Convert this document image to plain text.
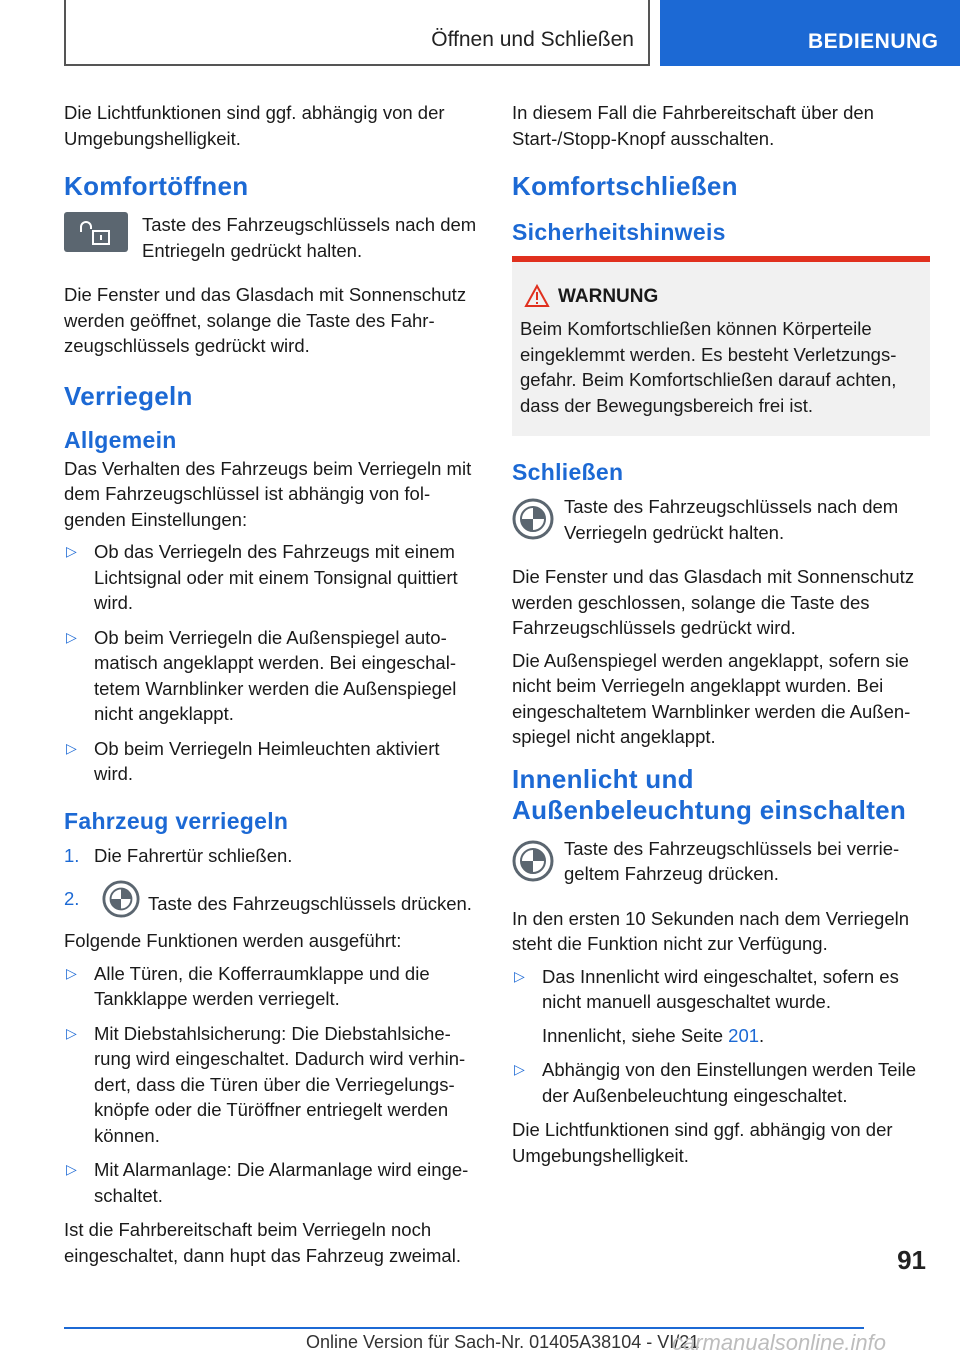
Öffnen und Schließen	BEDIENUNG

Die Lichtfunktionen sind ggf. abhängig von der Umgebungshelligkeit.

Komfortöffnen

Taste des Fahrzeugschlüssels nach dem Entriegeln gedrückt halten.

Die Fenster und das Glasdach mit Sonnenschutz werden geöffnet, solange die Taste des Fahrzeugschlüssels gedrückt wird.

Verriegeln
Allgemein

Das Verhalten des Fahrzeugs beim Verriegeln mit dem Fahrzeugschlüssel ist abhängig von folgenden Einstellungen:

▷ Ob das Verriegeln des Fahrzeugs mit einem Lichtsignal oder mit einem Tonsignal quittiert wird.
▷ Ob beim Verriegeln die Außenspiegel automatisch angeklappt werden. Bei eingeschaltetem Warnblinker werden die Außenspiegel nicht angeklappt.
▷ Ob beim Verriegeln Heimleuchten aktiviert wird.
Fahrzeug verriegeln
1. Die Fahrertür schließen.
2.	Taste des Fahrzeugschlüssels drücken.

Folgende Funktionen werden ausgeführt:

▷ Alle Türen, die Kofferraumklappe und die Tankklappe werden verriegelt.
▷ Mit Diebstahlsicherung: Die Diebstahlsicherung wird eingeschaltet. Dadurch wird verhindert, dass die Türen über die Verriegelungsknöpfe oder die Türöffner entriegelt werden können.
▷ Mit Alarmanlage: Die Alarmanlage wird eingeschaltet.

Ist die Fahrbereitschaft beim Verriegeln noch eingeschaltet, dann hupt das Fahrzeug zweimal.

In diesem Fall die Fahrbereitschaft über den Start-/Stopp-Knopf ausschalten.

Komfortschließen
Sicherheitshinweis
WARNUNG

Beim Komfortschließen können Körperteile eingeklemmt werden. Es besteht Verletzungsgefahr. Beim Komfortschließen darauf achten, dass der Bewegungsbereich frei ist.

Schließen

Taste des Fahrzeugschlüssels nach dem Verriegeln gedrückt halten.

Die Fenster und das Glasdach mit Sonnenschutz werden geschlossen, solange die Taste des Fahrzeugschlüssels gedrückt wird.

Die Außenspiegel werden angeklappt, sofern sie nicht beim Verriegeln angeklappt wurden. Bei eingeschaltetem Warnblinker werden die Außenspiegel nicht angeklappt.

Innenlicht und
Außenbeleuchtung einschalten

Taste des Fahrzeugschlüssels bei verriegeltem Fahrzeug drücken.

In den ersten 10 Sekunden nach dem Verriegeln steht die Funktion nicht zur Verfügung.

▷ Das Innenlicht wird eingeschaltet, sofern es nicht manuell ausgeschaltet wurde.
Innenlicht, siehe Seite 201.
▷ Abhängig von den Einstellungen werden Teile der Außenbeleuchtung eingeschaltet.

Die Lichtfunktionen sind ggf. abhängig von der Umgebungshelligkeit.

91
Online Version für Sach-Nr. 01405A38104 - VI/21
carmanualsonline.info
